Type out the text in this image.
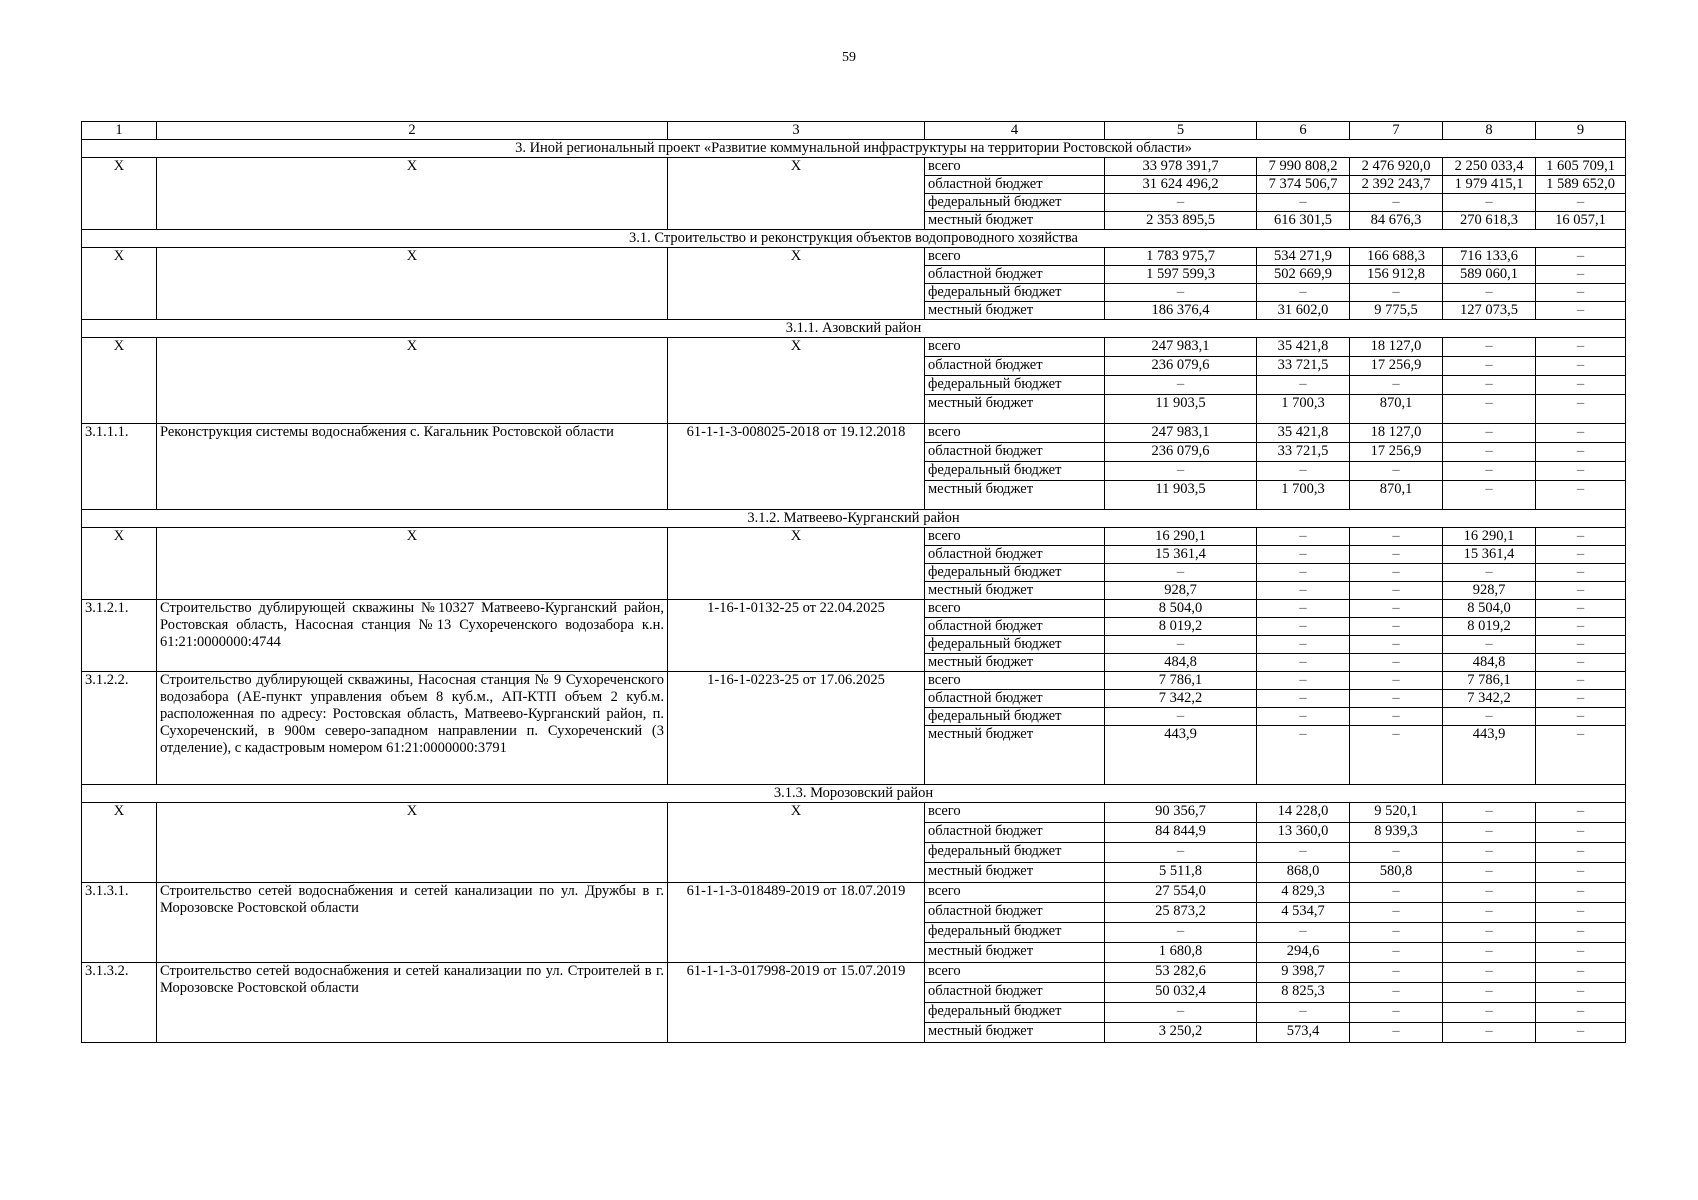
59
1	2	3	4	5	6	7	8	9
3. Иной региональный проект «Развитие коммунальной инфраструктуры на территории Ростовской области»								
X	X	X	всего	33 978 391,7	7 990 808,2	2 476 920,0	2 250 033,4	1 605 709,1
			областной бюджет	31 624 496,2	7 374 506,7	2 392 243,7	1 979 415,1	1 589 652,0
			федеральный бюджет	–	–	–	–	–
			местный бюджет	2 353 895,5	616 301,5	84 676,3	270 618,3	16 057,1
3.1. Строительство и реконструкция объектов водопроводного хозяйства								
X	X	X	всего	1 783 975,7	534 271,9	166 688,3	716 133,6	–
			областной бюджет	1 597 599,3	502 669,9	156 912,8	589 060,1	–
			федеральный бюджет	–	–	–	–	–
			местный бюджет	186 376,4	31 602,0	9 775,5	127 073,5	–
3.1.1. Азовский район								
X	X	X	всего	247 983,1	35 421,8	18 127,0	–	–
			областной бюджет	236 079,6	33 721,5	17 256,9	–	–
			федеральный бюджет	–	–	–	–	–
			местный бюджет	11 903,5	1 700,3	870,1	–	–
3.1.1.1.	Реконструкция системы водоснабжения с. Кагальник Ростовской области	61-1-1-3-008025-2018 от 19.12.2018	всего	247 983,1	35 421,8	18 127,0	–	–
			областной бюджет	236 079,6	33 721,5	17 256,9	–	–
			федеральный бюджет	–	–	–	–	–
			местный бюджет	11 903,5	1 700,3	870,1	–	–
3.1.2. Матвеево-Курганский район								
X	X	X	всего	16 290,1	–	–	16 290,1	–
			областной бюджет	15 361,4	–	–	15 361,4	–
			федеральный бюджет	–	–	–	–	–
			местный бюджет	928,7	–	–	928,7	–
3.1.2.1.	Строительство дублирующей скважины №10327 Матвеево-Курганский район, Ростовская область, Насосная станция №13 Сухореченского водозабора к.н. 61:21:0000000:4744	1-16-1-0132-25 от 22.04.2025	всего	8 504,0	–	–	8 504,0	–
			областной бюджет	8 019,2	–	–	8 019,2	–
			федеральный бюджет	–	–	–	–	–
			местный бюджет	484,8	–	–	484,8	–
3.1.2.2.	Строительство дублирующей скважины, Насосная станция № 9 Сухореченского водозабора (АЕ-пункт управления объем 8 куб.м., АП-КТП объем 2 куб.м. расположенная по адресу: Ростовская область, Матвеево-Курганский район, п. Сухореченский, в 900м северо-западном направлении п. Сухореченский (3 отделение), с кадастровым номером 61:21:0000000:3791	1-16-1-0223-25 от 17.06.2025	всего	7 786,1	–	–	7 786,1	–
			областной бюджет	7 342,2	–	–	7 342,2	–
			федеральный бюджет	–	–	–	–	–
			местный бюджет	443,9	–	–	443,9	–
3.1.3. Морозовский район								
X	X	X	всего	90 356,7	14 228,0	9 520,1	–	–
			областной бюджет	84 844,9	13 360,0	8 939,3	–	–
			федеральный бюджет	–	–	–	–	–
			местный бюджет	5 511,8	868,0	580,8	–	–
3.1.3.1.	Строительство сетей водоснабжения и сетей канализации по ул. Дружбы в г. Морозовске Ростовской области	61-1-1-3-018489-2019 от 18.07.2019	всего	27 554,0	4 829,3	–	–	–
			областной бюджет	25 873,2	4 534,7	–	–	–
			федеральный бюджет	–	–	–	–	–
			местный бюджет	1 680,8	294,6	–	–	–
3.1.3.2.	Строительство сетей водоснабжения и сетей канализации по ул. Строителей в г. Морозовске Ростовской области	61-1-1-3-017998-2019 от 15.07.2019	всего	53 282,6	9 398,7	–	–	–
			областной бюджет	50 032,4	8 825,3	–	–	–
			федеральный бюджет	–	–	–	–	–
			местный бюджет	3 250,2	573,4	–	–	–
